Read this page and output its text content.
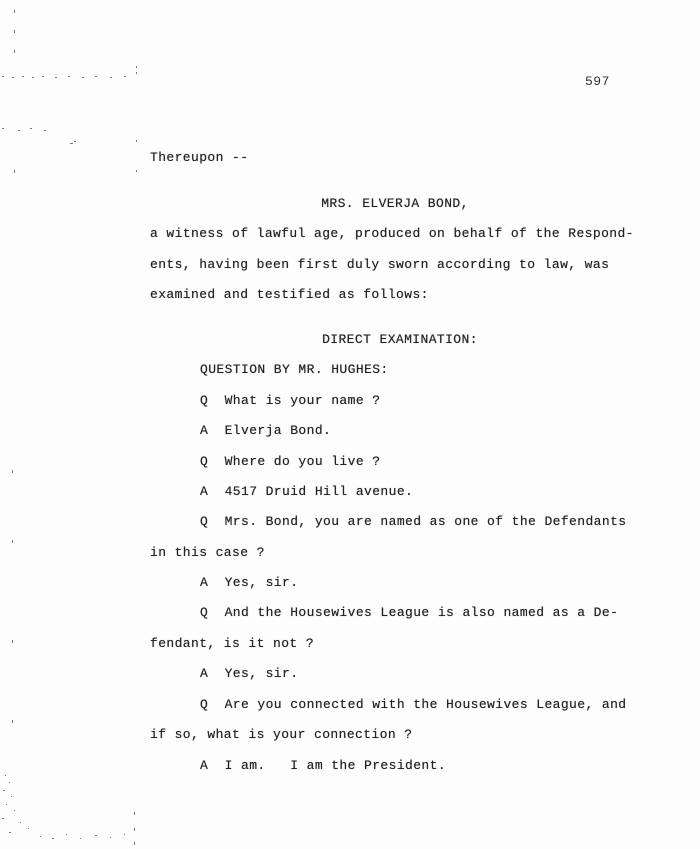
597
Thereupon --
MRS. ELVERJA BOND,
a witness of lawful age, produced on behalf of the Respond-
ents, having been first duly sworn according to law, was
examined and testified as follows:
DIRECT EXAMINATION:
QUESTION BY MR. HUGHES:
Q  What is your name ?
A  Elverja Bond.
Q  Where do you live ?
A  4517 Druid Hill avenue.
Q  Mrs. Bond, you are named as one of the Defendants
in this case ?
A  Yes, sir.
Q  And the Housewives League is also named as a De-
fendant, is it not ?
A  Yes, sir.
Q  Are you connected with the Housewives League, and
if so, what is your connection ?
A  I am.   I am the President.
